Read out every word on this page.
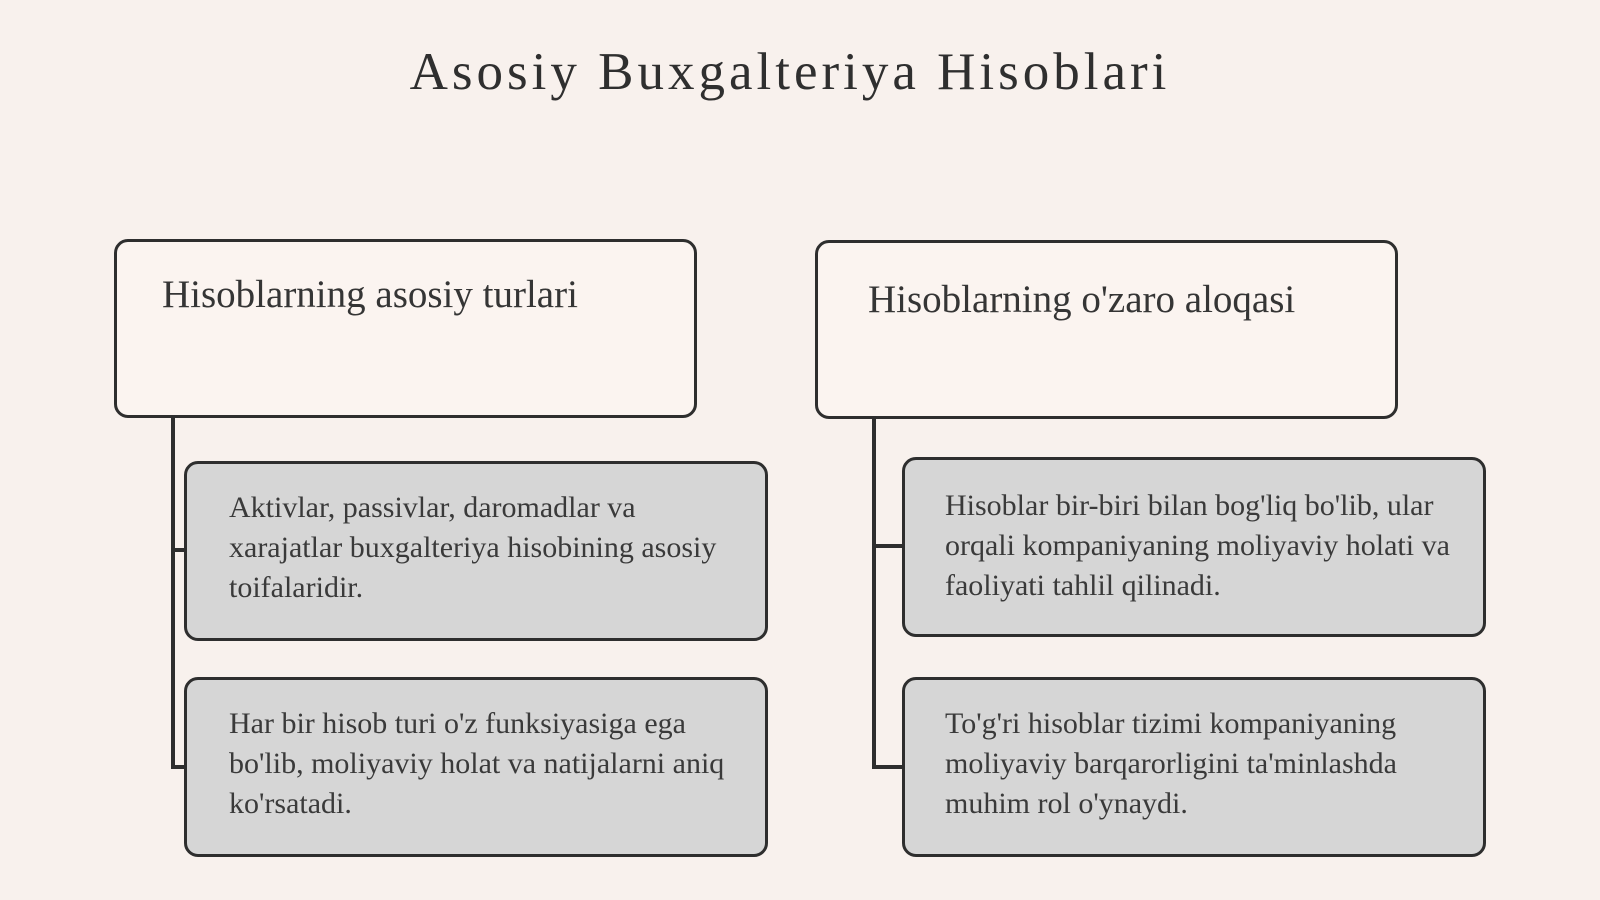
Asosiy Buxgalteriya Hisoblari
Hisoblarning asosiy turlari
Aktivlar, passivlar, daromadlar va xarajatlar buxgalteriya hisobining asosiy toifalaridir.
Har bir hisob turi o'z funksiyasiga ega bo'lib, moliyaviy holat va natijalarni aniq ko'rsatadi.
Hisoblarning o'zaro aloqasi
Hisoblar bir-biri bilan bog'liq bo'lib, ular orqali kompaniyaning moliyaviy holati va faoliyati tahlil qilinadi.
To'g'ri hisoblar tizimi kompaniyaning moliyaviy barqarorligini ta'minlashda muhim rol o'ynaydi.
